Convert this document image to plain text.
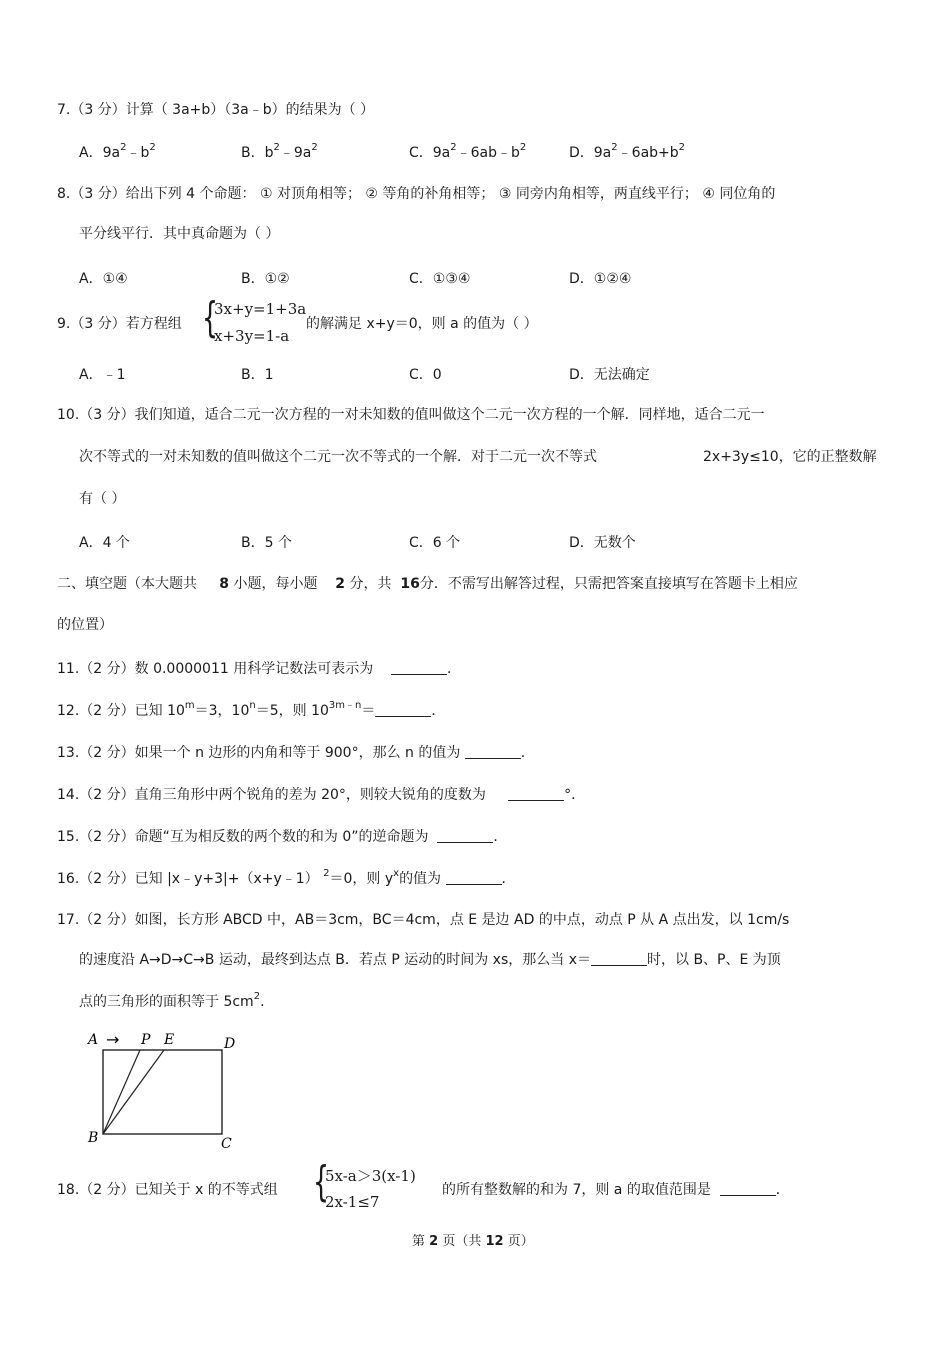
7.（3 分）计算（ 3a+b）（3a﹣b）的结果为（ ）
A．$9a^2﹣b^2$	B．$b^2﹣9a^2$	C．$9a^2﹣6ab﹣b^2$	D．$9a^2﹣6ab+b^2$
8.（3 分）给出下列 4 个命题： ① 对顶角相等； ② 等角的补角相等； ③ 同旁内角相等，两直线平行； ④ 同位角的
平分线平行．其中真命题为（ ）
A．①④	B．①②	C．①③④	D．①②④
9.（3 分）若方程组 {
3x+y=1+3a
x+3y=1-a
的解满足 x+y＝0，则 a 的值为（ ）
A．﹣1	B．1	C．0	D．无法确定
10.（3 分）我们知道，适合二元一次方程的一对未知数的值叫做这个二元一次方程的一个解．同样地，适合二元一
次不等式的一对未知数的值叫做这个二元一次不等式的一个解．对于二元一次不等式	2x+3y≤10，它的正整数解
有（ ）
A．4 个	B．5 个	C．6 个	D．无数个
二、填空题（本大题共 8 小题，每小题 2 分，共 16分．不需写出解答过程，只需把答案直接填写在答题卡上相应
的位置）
11.（2 分）数 0.0000011 用科学记数法可表示为	．
12.（2 分）已知 $10^m=3$，$10^n=5$，则 $10^{3m﹣n}=$	．
13.（2 分）如果一个 n 边形的内角和等于 900°，那么 n 的值为	．
14.（2 分）直角三角形中两个锐角的差为 20°，则较大锐角的度数为	°．
15.（2 分）命题“互为相反数的两个数的和为 0”的逆命题为	．
16.（2 分）已知 |x﹣y+3|+（x+y﹣1） $^2$＝0，则 $y^x$的值为	．
17.（2 分）如图，长方形 ABCD 中，AB＝3cm，BC＝4cm，点 E 是边 AD 的中点，动点 P 从 A 点出发，以 1cm/s
的速度沿 A→D→C→B 运动，最终到达点 B．若点 P 运动的时间为 xs，那么当 x＝	时，以 B、P、E 为顶
点的三角形的面积等于 $5cm^2$.
A → P E	D
B	C
18.（2 分）已知关于 x 的不等式组 {
5x-a＞3(x-1)
2x-1≤7
的所有整数解的和为 7，则 a 的取值范围是	．
第 2 页（共 12 页）
